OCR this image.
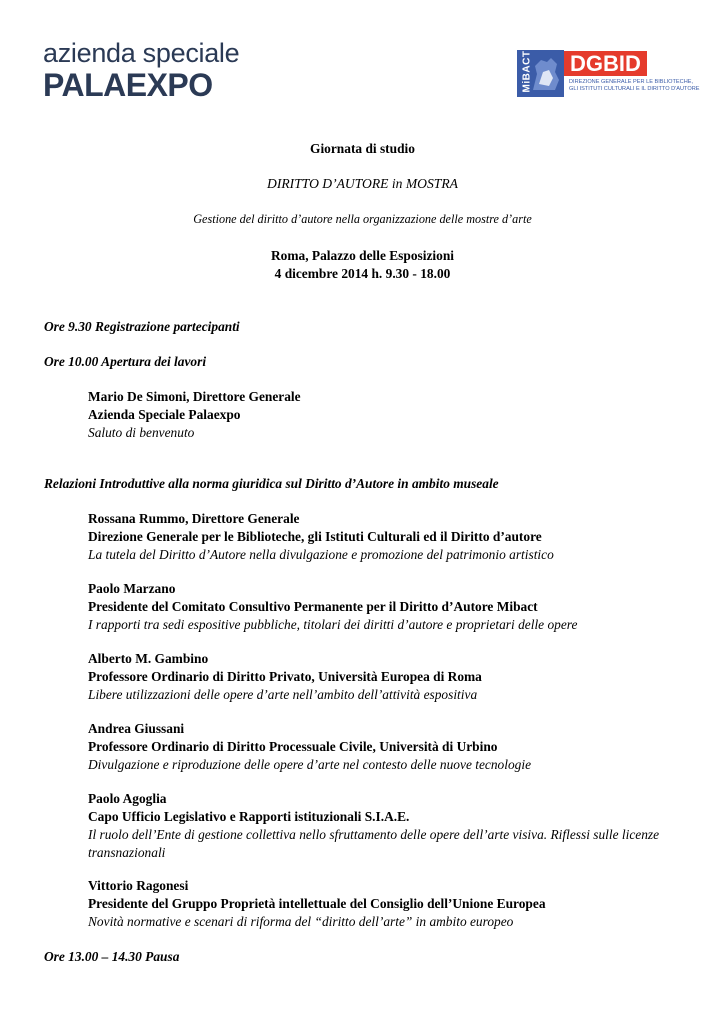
azienda speciale
PALAEXPO	MiBACT DGBID
DIREZIONE GENERALE PER LE BIBLIOTECHE,
GLI ISTITUTI CULTURALI E IL DIRITTO D'AUTORE
Giornata di studio
DIRITTO D’AUTORE in MOSTRA
Gestione del diritto d’autore nella organizzazione delle mostre d’arte
Roma, Palazzo delle Esposizioni
4 dicembre 2014 h. 9.30 - 18.00
Ore 9.30 Registrazione partecipanti
Ore 10.00 Apertura dei lavori
Mario De Simoni, Direttore Generale
Azienda Speciale Palaexpo
Saluto di benvenuto
Relazioni Introduttive alla norma giuridica sul Diritto d’Autore in ambito museale
Rossana Rummo, Direttore Generale
Direzione Generale per le Biblioteche, gli Istituti Culturali ed il Diritto d’autore
La tutela del Diritto d’Autore nella divulgazione e promozione del patrimonio artistico
Paolo Marzano
Presidente del Comitato Consultivo Permanente per il Diritto d’Autore Mibact
I rapporti tra sedi espositive pubbliche, titolari dei diritti d’autore e proprietari delle opere
Alberto M. Gambino
Professore Ordinario di Diritto Privato, Università Europea di Roma
Libere utilizzazioni delle opere d’arte nell’ambito dell’attività espositiva
Andrea Giussani
Professore Ordinario di Diritto Processuale Civile, Università di Urbino
Divulgazione e riproduzione delle opere d’arte nel contesto delle nuove tecnologie
Paolo Agoglia
Capo Ufficio Legislativo e Rapporti istituzionali S.I.A.E.
Il ruolo dell’Ente di gestione collettiva nello sfruttamento delle opere dell’arte visiva. Riflessi sulle licenze transnazionali
Vittorio Ragonesi
Presidente del Gruppo Proprietà intellettuale del Consiglio dell’Unione Europea
Novità normative e scenari di riforma del “diritto dell’arte” in ambito europeo
Ore 13.00 – 14.30 Pausa
